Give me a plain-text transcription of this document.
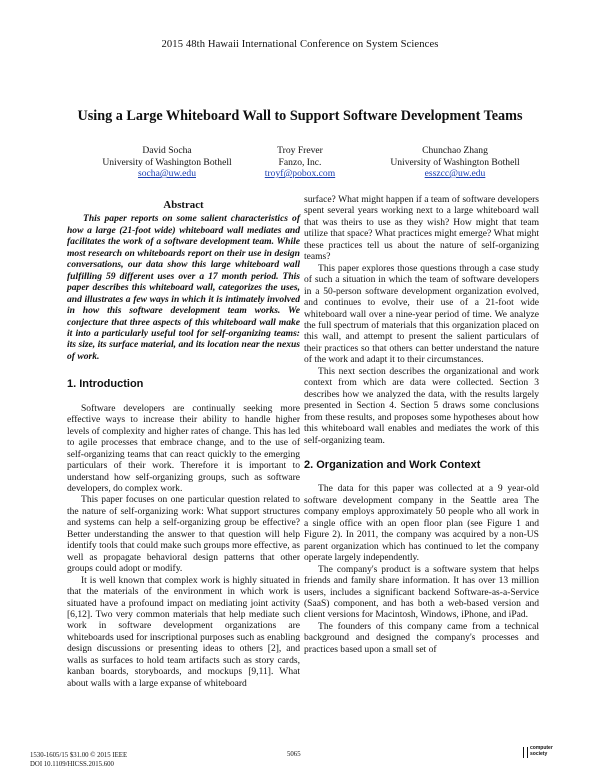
2015 48th Hawaii International Conference on System Sciences
Using a Large Whiteboard Wall to Support Software Development Teams
David Socha
University of Washington Bothell
socha@uw.edu
Troy Frever
Fanzo, Inc.
troyf@pobox.com
Chunchao Zhang
University of Washington Bothell
esszcc@uw.edu
Abstract

This paper reports on some salient characteristics of how a large (21-foot wide) whiteboard wall mediates and facilitates the work of a software development team. While most research on whiteboards report on their use in design conversations, our data show this large whiteboard wall fulfilling 59 different uses over a 17 month period. This paper describes this whiteboard wall, categorizes the uses, and illustrates a few ways in which it is intimately involved in how this software development team works. We conjecture that three aspects of this whiteboard wall make it into a particularly useful tool for self-organizing teams: its size, its surface material, and its location near the nexus of work.

1. Introduction

Software developers are continually seeking more effective ways to increase their ability to handle higher levels of complexity and higher rates of change. This has led to agile processes that embrace change, and to the use of self-organizing teams that can react quickly to the emerging particulars of their work. Therefore it is important to understand how self-organizing groups, such as software developers, do complex work.

This paper focuses on one particular question related to the nature of self-organizing work: What support structures and systems can help a self-organizing group be effective? Better understanding the answer to that question will help identify tools that could make such groups more effective, as well as propagate behavioral design patterns that other groups could adopt or modify.

It is well known that complex work is highly situated in that the materials of the environment in which work is situated have a profound impact on mediating joint activity [6,12]. Two very common materials that help mediate such work in software development organizations are whiteboards used for inscriptional purposes such as enabling design discussions or presenting ideas to others [2], and walls as surfaces to hold team artifacts such as story cards, kanban boards, storyboards, and mockups [9,11]. What about walls with a large expanse of whiteboard

surface? What might happen if a team of software developers spent several years working next to a large whiteboard wall that was theirs to use as they wish? How might that team utilize that space? What practices might emerge? What might these practices tell us about the nature of self-organizing teams?

This paper explores those questions through a case study of such a situation in which the team of software developers in a 50-person software development organization evolved, and continues to evolve, their use of a 21-foot wide whiteboard wall over a nine-year period of time. We analyze the full spectrum of materials that this organization placed on this wall, and attempt to present the salient particulars of their practices so that others can better understand the nature of the work and adapt it to their circumstances.

This next section describes the organizational and work context from which are data were collected. Section 3 describes how we analyzed the data, with the results largely presented in Section 4. Section 5 draws some conclusions from these results, and proposes some hypotheses about how this whiteboard wall enables and mediates the work of this self-organizing team.

2. Organization and Work Context

The data for this paper was collected at a 9 year-old software development company in the Seattle area The company employs approximately 50 people who all work in a single office with an open floor plan (see Figure 1 and Figure 2). In 2011, the company was acquired by a non-US parent organization which has continued to let the company operate largely independently.

The company's product is a software system that helps friends and family share information. It has over 13 million users, includes a significant backend Software-as-a-Service (SaaS) component, and has both a web-based version and client versions for Macintosh, Windows, iPhone, and iPad.

The founders of this company came from a technical background and designed the company's processes and practices based upon a small set of

1530-1605/15 $31.00 © 2015 IEEE
DOI 10.1109/HICSS.2015.600
5065
computer
society
